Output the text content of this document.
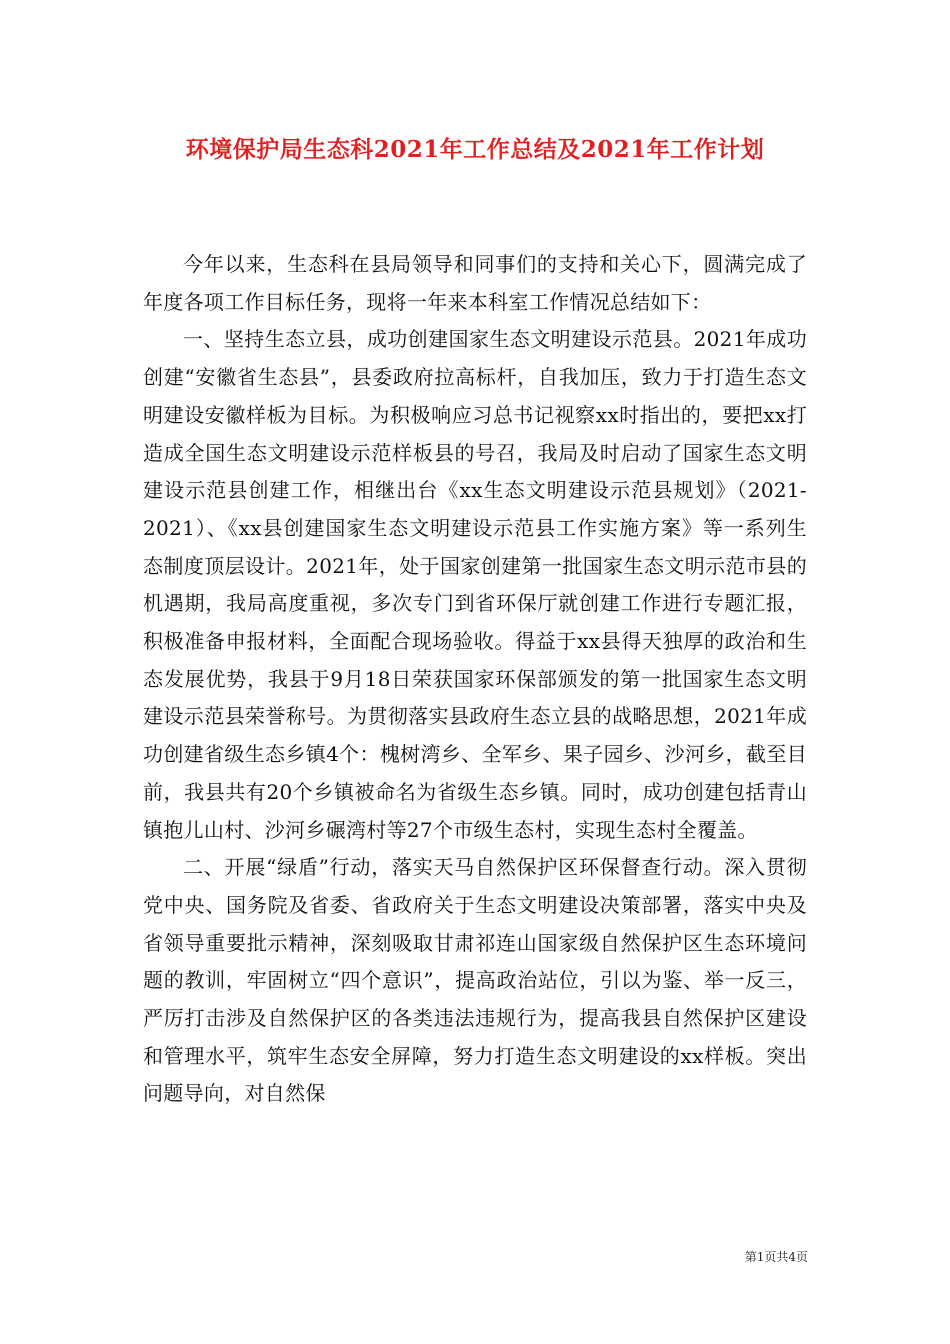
环境保护局生态科2021年工作总结及2021年工作计划

今年以来，生态科在县局领导和同事们的支持和关心下，圆满完成了年度各项工作目标任务，现将一年来本科室工作情况总结如下：

一、坚持生态立县，成功创建国家生态文明建设示范县。2021年成功创建“安徽省生态县”，县委政府拉高标杆，自我加压，致力于打造生态文明建设安徽样板为目标。为积极响应习总书记视察xx时指出的，要把xx打造成全国生态文明建设示范样板县的号召，我局及时启动了国家生态文明建设示范县创建工作，相继出台《xx生态文明建设示范县规划》（2021-2021）、《xx县创建国家生态文明建设示范县工作实施方案》等一系列生态制度顶层设计。2021年，处于国家创建第一批国家生态文明示范市县的机遇期，我局高度重视，多次专门到省环保厅就创建工作进行专题汇报，积极准备申报材料，全面配合现场验收。得益于xx县得天独厚的政治和生态发展优势，我县于9月18日荣获国家环保部颁发的第一批国家生态文明建设示范县荣誉称号。为贯彻落实县政府生态立县的战略思想，2021年成功创建省级生态乡镇4个：槐树湾乡、全军乡、果子园乡、沙河乡，截至目前，我县共有20个乡镇被命名为省级生态乡镇。同时，成功创建包括青山镇抱儿山村、沙河乡碾湾村等27个市级生态村，实现生态村全覆盖。

二、开展“绿盾”行动，落实天马自然保护区环保督查行动。深入贯彻党中央、国务院及省委、省政府关于生态文明建设决策部署，落实中央及省领导重要批示精神，深刻吸取甘肃祁连山国家级自然保护区生态环境问题的教训，牢固树立“四个意识”，提高政治站位，引以为鉴、举一反三，严厉打击涉及自然保护区的各类违法违规行为，提高我县自然保护区建设和管理水平，筑牢生态安全屏障，努力打造生态文明建设的xx样板。突出问题导向，对自然保

第1页共4页
